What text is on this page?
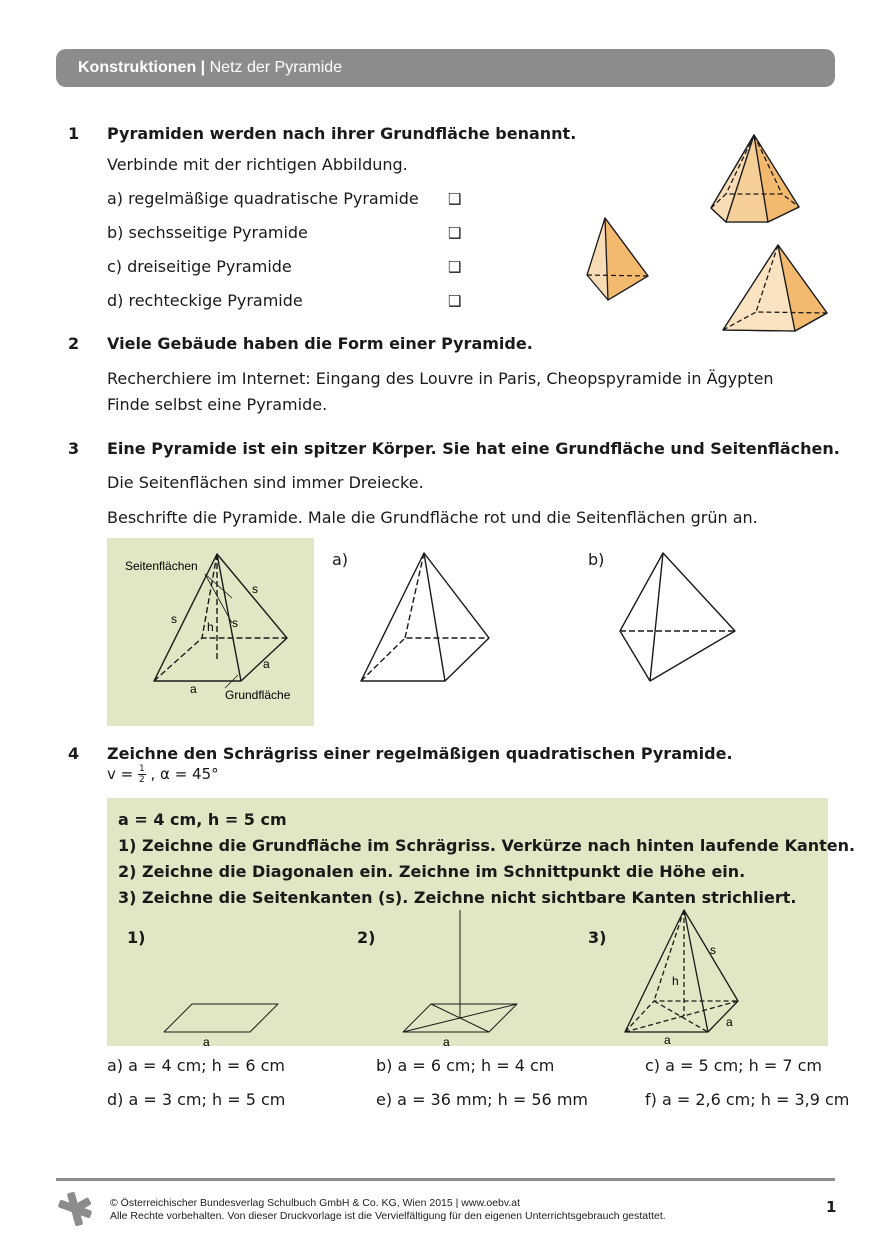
Konstruktionen | Netz der Pyramide
1 Pyramiden werden nach ihrer Grundfläche benannt.
Verbinde mit der richtigen Abbildung.
a) regelmäßige quadratische Pyramide ❑
b) sechsseitige Pyramide	❑
c) dreiseitige Pyramide	❑
d) rechteckige Pyramide	❑
2 Viele Gebäude haben die Form einer Pyramide.
Recherchiere im Internet: Eingang des Louvre in Paris, Cheopspyramide in Ägypten
Finde selbst eine Pyramide.
3 Eine Pyramide ist ein spitzer Körper. Sie hat eine Grundfläche und Seitenflächen.
Die Seitenflächen sind immer Dreiecke.
Beschrifte die Pyramide. Male die Grundfläche rot und die Seitenflächen grün an.
Seitenflächen
s
s	s
h
a
a Grundfläche
a)	b)
4 Zeichne den Schrägriss einer regelmäßigen quadratischen Pyramide.
$v = \frac{1}{2}$ , α = 45°
a = 4 cm, h = 5 cm
1) Zeichne die Grundfläche im Schrägriss. Verkürze nach hinten laufende Kanten.
2) Zeichne die Diagonalen ein. Zeichne im Schnittpunkt die Höhe ein.
3) Zeichne die Seitenkanten (s). Zeichne nicht sichtbare Kanten strichliert.
1)	2)	3)
a	a	a
a
h
s
a) a = 4 cm; h = 6 cm	b) a = 6 cm; h = 4 cm	c) a = 5 cm; h = 7 cm
d) a = 3 cm; h = 5 cm	e) a = 36 mm; h = 56 mm	f) a = 2,6 cm; h = 3,9 cm
© Österreichischer Bundesverlag Schulbuch GmbH & Co. KG, Wien 2015 | www.oebv.at
Alle Rechte vorbehalten. Von dieser Druckvorlage ist die Vervielfältigung für den eigenen Unterrichtsgebrauch gestattet.	1
